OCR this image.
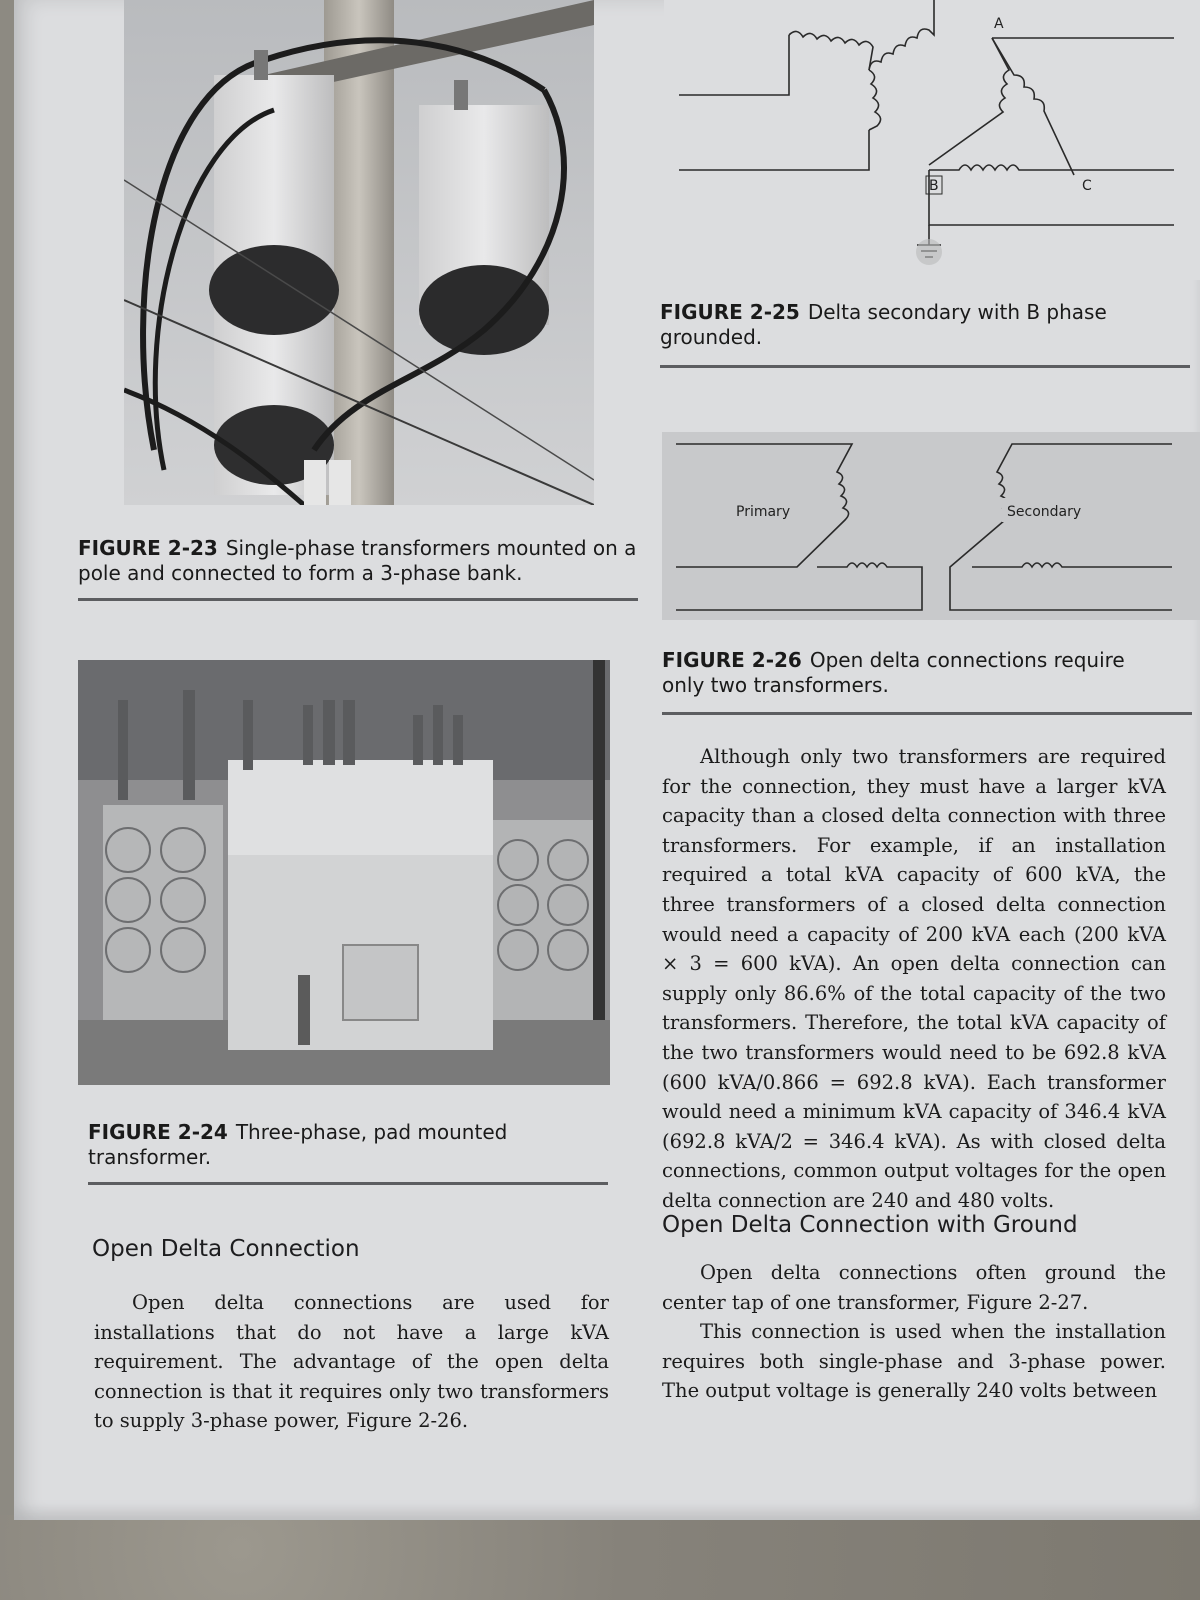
FIGURE 2-23 Single-phase transformers mounted on a pole and connected to form a 3-phase bank.
FIGURE 2-24 Three-phase, pad mounted transformer.
Open Delta Connection

Open delta connections are used for installations that do not have a large kVA requirement. The advantage of the open delta connection is that it requires only two transformers to supply 3-phase power, Figure 2-26.

A
B	C
FIGURE 2-25 Delta secondary with B phase grounded.
Primary	Secondary
FIGURE 2-26 Open delta connections require only two transformers.

Although only two transformers are required for the connection, they must have a larger kVA capacity than a closed delta connection with three transformers. For example, if an installation required a total kVA capacity of 600 kVA, the three transformers of a closed delta connection would need a capacity of 200 kVA each (200 kVA × 3 = 600 kVA). An open delta connection can supply only 86.6% of the total capacity of the two transformers. Therefore, the total kVA capacity of the two transformers would need to be 692.8 kVA (600 kVA/0.866 = 692.8 kVA). Each transformer would need a minimum kVA capacity of 346.4 kVA (692.8 kVA/2 = 346.4 kVA). As with closed delta connections, common output voltages for the open delta connection are 240 and 480 volts.

Open Delta Connection with Ground

Open delta connections often ground the center tap of one transformer, Figure 2-27.

This connection is used when the installation requires both single-phase and 3-phase power. The output voltage is generally 240 volts between
